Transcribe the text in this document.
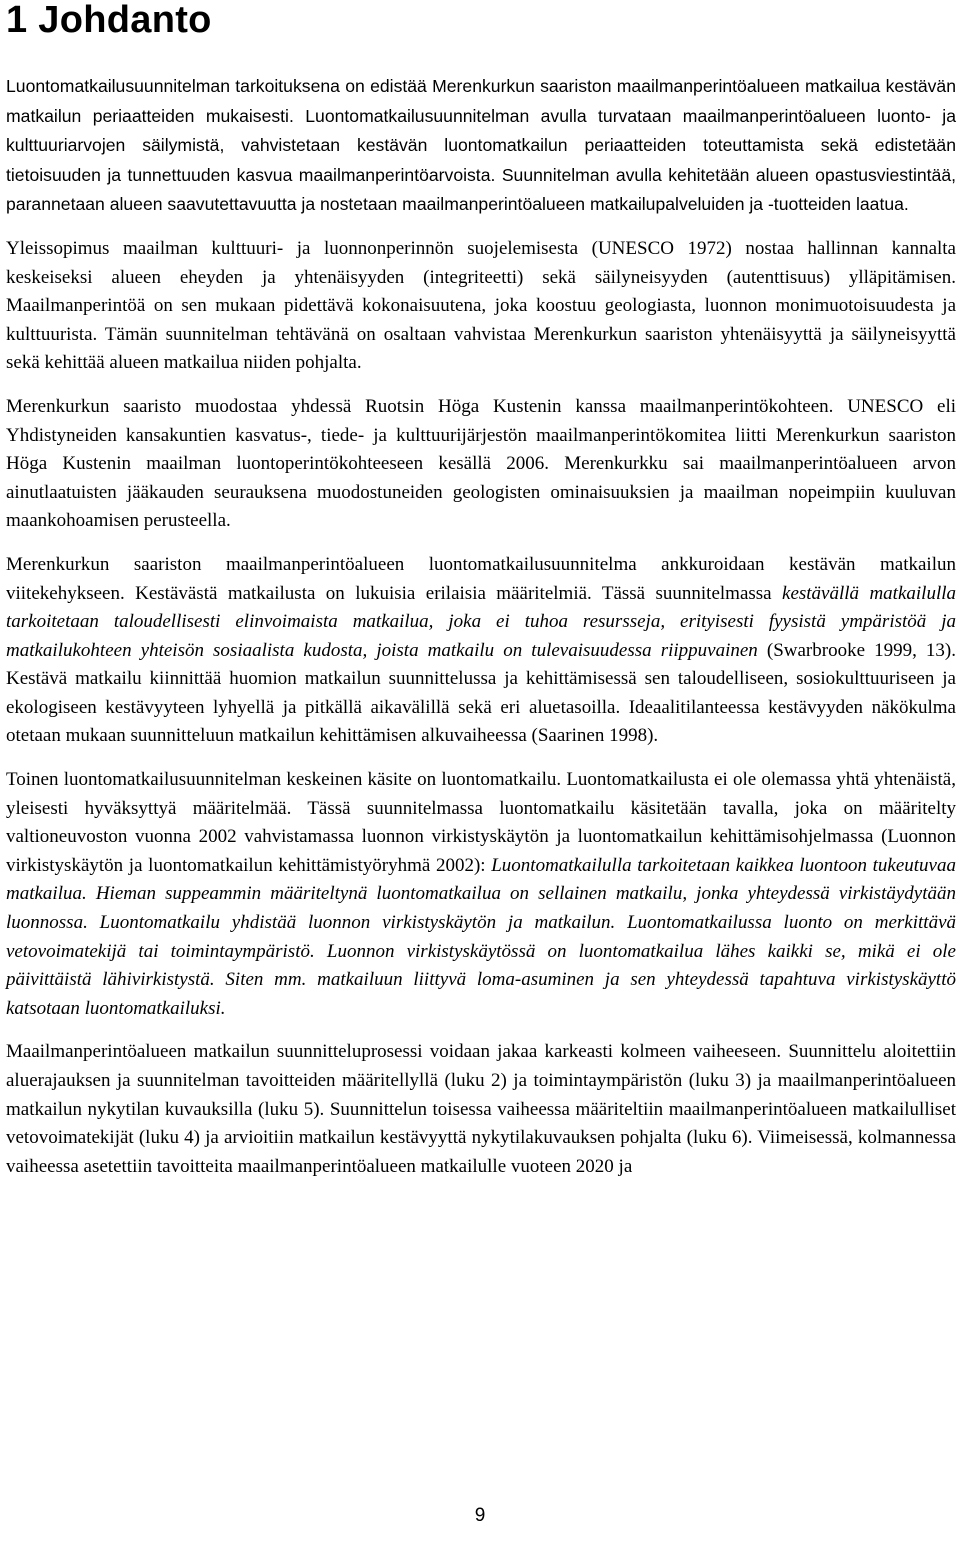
1 Johdanto

Luontomatkailusuunnitelman tarkoituksena on edistää Merenkurkun saariston maailmanperintöalueen matkailua kestävän matkailun periaatteiden mukaisesti. Luontomatkailusuunnitelman avulla turvataan maailmanperintöalueen luonto- ja kulttuuriarvojen säilymistä, vahvistetaan kestävän luontomatkailun periaatteiden toteuttamista sekä edistetään tietoisuuden ja tunnettuuden kasvua maailmanperintöarvoista. Suunnitelman avulla kehitetään alueen opastusviestintää, parannetaan alueen saavutettavuutta ja nostetaan maailmanperintöalueen matkailupalveluiden ja -tuotteiden laatua.

Yleissopimus maailman kulttuuri- ja luonnonperinnön suojelemisesta (UNESCO 1972) nostaa hallinnan kannalta keskeiseksi alueen eheyden ja yhtenäisyyden (integriteetti) sekä säilyneisyyden (autenttisuus) ylläpitämisen. Maailmanperintöä on sen mukaan pidettävä kokonaisuutena, joka koostuu geologiasta, luonnon monimuotoisuudesta ja kulttuurista. Tämän suunnitelman tehtävänä on osaltaan vahvistaa Merenkurkun saariston yhtenäisyyttä ja säilyneisyyttä sekä kehittää alueen matkailua niiden pohjalta.

Merenkurkun saaristo muodostaa yhdessä Ruotsin Höga Kustenin kanssa maailmanperintökohteen. UNESCO eli Yhdistyneiden kansakuntien kasvatus-, tiede- ja kulttuurijärjestön maailmanperintökomitea liitti Merenkurkun saariston Höga Kustenin maailman luontoperintökohteeseen kesällä 2006. Merenkurkku sai maailmanperintöalueen arvon ainutlaatuisten jääkauden seurauksena muodostuneiden geologisten ominaisuuksien ja maailman nopeimpiin kuuluvan maankohoamisen perusteella.

Merenkurkun saariston maailmanperintöalueen luontomatkailusuunnitelma ankkuroidaan kestävän matkailun viitekehykseen. Kestävästä matkailusta on lukuisia erilaisia määritelmiä. Tässä suunnitelmassa kestävällä matkailulla tarkoitetaan taloudellisesti elinvoimaista matkailua, joka ei tuhoa resursseja, erityisesti fyysistä ympäristöä ja matkailukohteen yhteisön sosiaalista kudosta, joista matkailu on tulevaisuudessa riippuvainen (Swarbrooke 1999, 13). Kestävä matkailu kiinnittää huomion matkailun suunnittelussa ja kehittämisessä sen taloudelliseen, sosiokulttuuriseen ja ekologiseen kestävyyteen lyhyellä ja pitkällä aikavälillä sekä eri aluetasoilla. Ideaalitilanteessa kestävyyden näkökulma otetaan mukaan suunnitteluun matkailun kehittämisen alkuvaiheessa (Saarinen 1998).

Toinen luontomatkailusuunnitelman keskeinen käsite on luontomatkailu. Luontomatkailusta ei ole olemassa yhtä yhtenäistä, yleisesti hyväksyttyä määritelmää. Tässä suunnitelmassa luontomatkailu käsitetään tavalla, joka on määritelty valtioneuvoston vuonna 2002 vahvistamassa luonnon virkistyskäytön ja luontomatkailun kehittämisohjelmassa (Luonnon virkistyskäytön ja luontomatkailun kehittämistyöryhmä 2002): Luontomatkailulla tarkoitetaan kaikkea luontoon tukeutuvaa matkailua. Hieman suppeammin määriteltynä luontomatkailua on sellainen matkailu, jonka yhteydessä virkistäydytään luonnossa. Luontomatkailu yhdistää luonnon virkistyskäytön ja matkailun. Luontomatkailussa luonto on merkittävä vetovoimatekijä tai toimintaympäristö. Luonnon virkistyskäytössä on luontomatkailua lähes kaikki se, mikä ei ole päivittäistä lähivirkistystä. Siten mm. matkailuun liittyvä loma-asuminen ja sen yhteydessä tapahtuva virkistyskäyttö katsotaan luontomatkailuksi.

Maailmanperintöalueen matkailun suunnitteluprosessi voidaan jakaa karkeasti kolmeen vaiheeseen. Suunnittelu aloitettiin aluerajauksen ja suunnitelman tavoitteiden määritellyllä (luku 2) ja toimintaympäristön (luku 3) ja maailmanperintöalueen matkailun nykytilan kuvauksilla (luku 5). Suunnittelun toisessa vaiheessa määriteltiin maailmanperintöalueen matkailulliset vetovoimatekijät (luku 4) ja arvioitiin matkailun kestävyyttä nykytilakuvauksen pohjalta (luku 6). Viimeisessä, kolmannessa vaiheessa asetettiin tavoitteita maailmanperintöalueen matkailulle vuoteen 2020 ja

9
